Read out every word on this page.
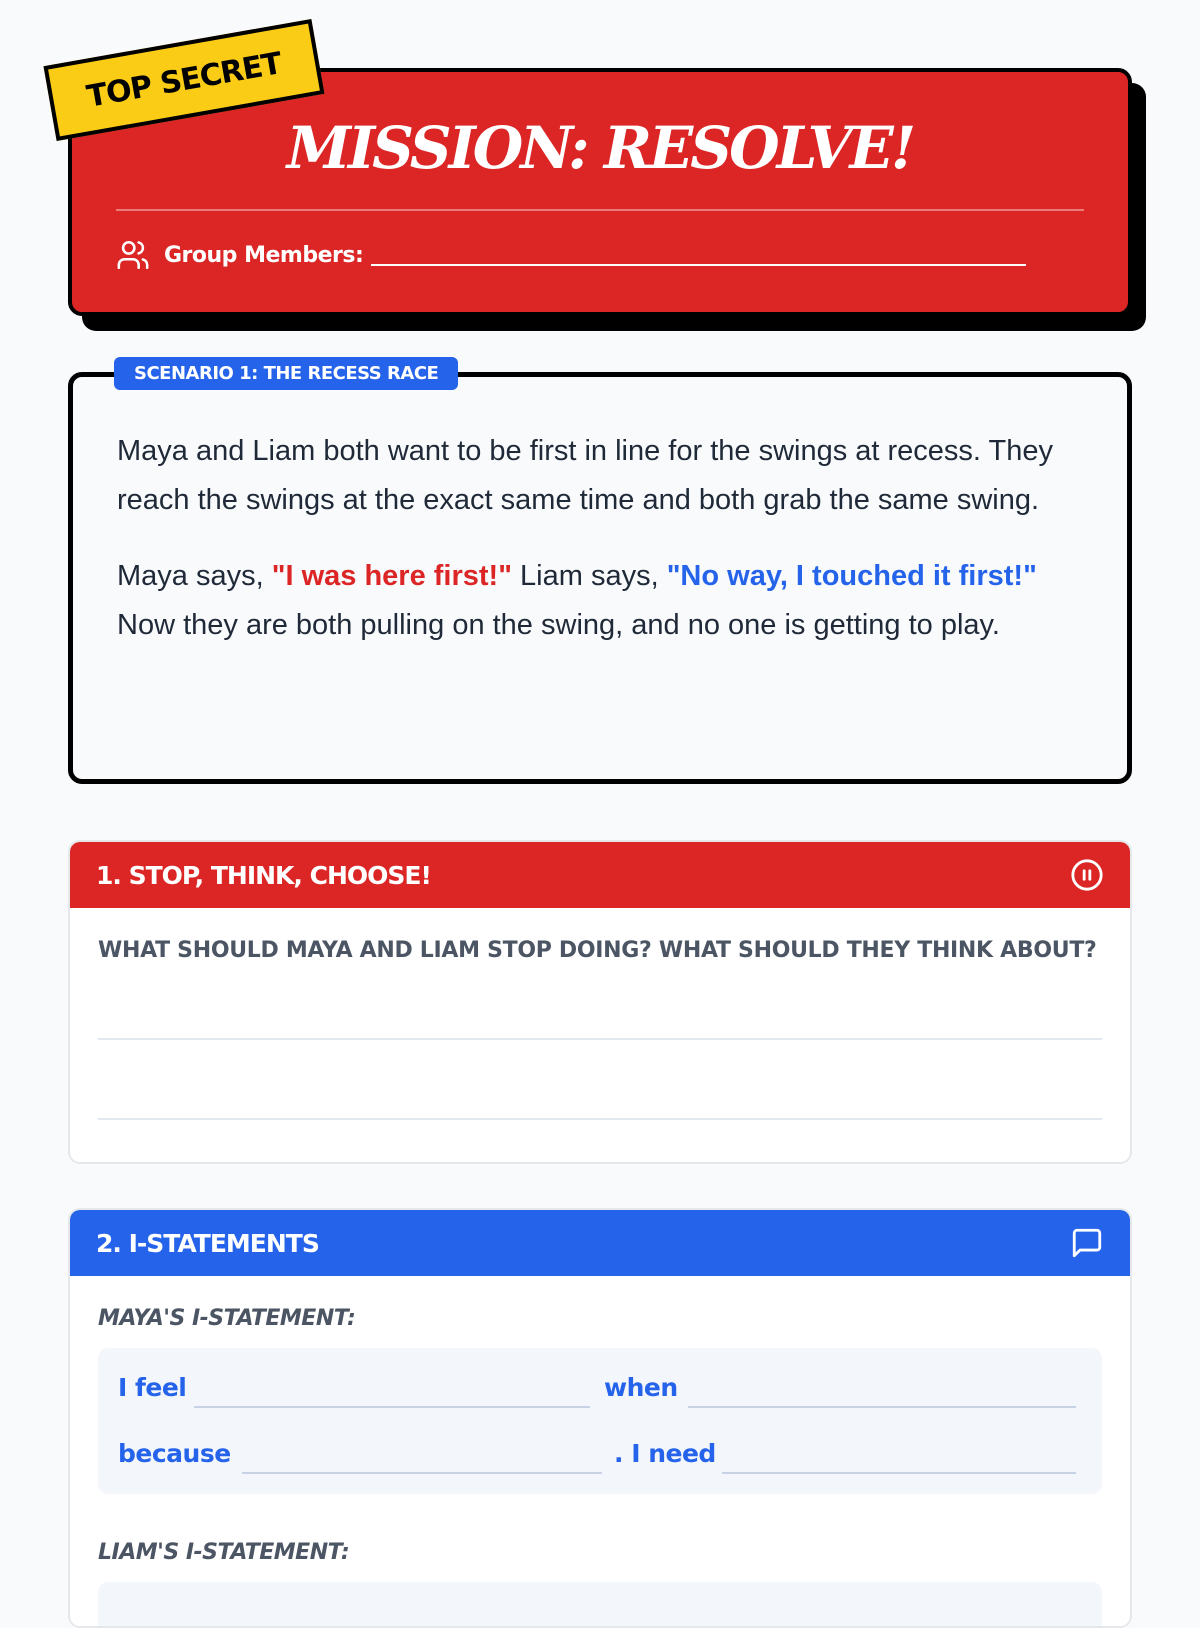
MISSION: RESOLVE!
Group Members:
TOP SECRET

Maya and Liam both want to be first in line for the swings at recess. They reach the swings at the exact same time and both grab the same swing.

Maya says, "I was here first!" Liam says, "No way, I touched it first!" Now they are both pulling on the swing, and no one is getting to play.

SCENARIO 1: THE RECESS RACE
1. STOP, THINK, CHOOSE!
WHAT SHOULD MAYA AND LIAM STOP DOING? WHAT SHOULD THEY THINK ABOUT?
2. I-STATEMENTS
MAYA'S I-STATEMENT:
I feel	when
because	. I need
LIAM'S I-STATEMENT:
